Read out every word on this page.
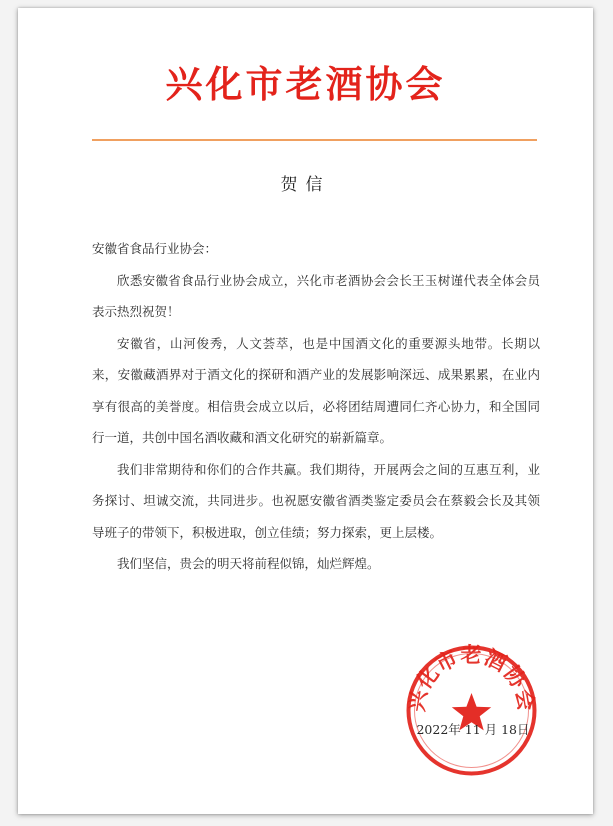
兴化市老酒协会
贺信

安徽省食品行业协会：

欣悉安徽省食品行业协会成立，兴化市老酒协会会长王玉树谨代表全体会员表示热烈祝贺！

安徽省，山河俊秀，人文荟萃，也是中国酒文化的重要源头地带。长期以来，安徽藏酒界对于酒文化的探研和酒产业的发展影响深远、成果累累，在业内享有很高的美誉度。相信贵会成立以后，必将团结周遭同仁齐心协力，和全国同行一道，共创中国名酒收藏和酒文化研究的崭新篇章。

我们非常期待和你们的合作共赢。我们期待，开展两会之间的互惠互利，业务探讨、坦诚交流，共同进步。也祝愿安徽省酒类鉴定委员会在蔡毅会长及其领导班子的带领下，积极进取，创立佳绩；努力探索，更上层楼。

我们坚信，贵会的明天将前程似锦，灿烂辉煌。

兴化市老酒协会
2022年 11 月 18日
